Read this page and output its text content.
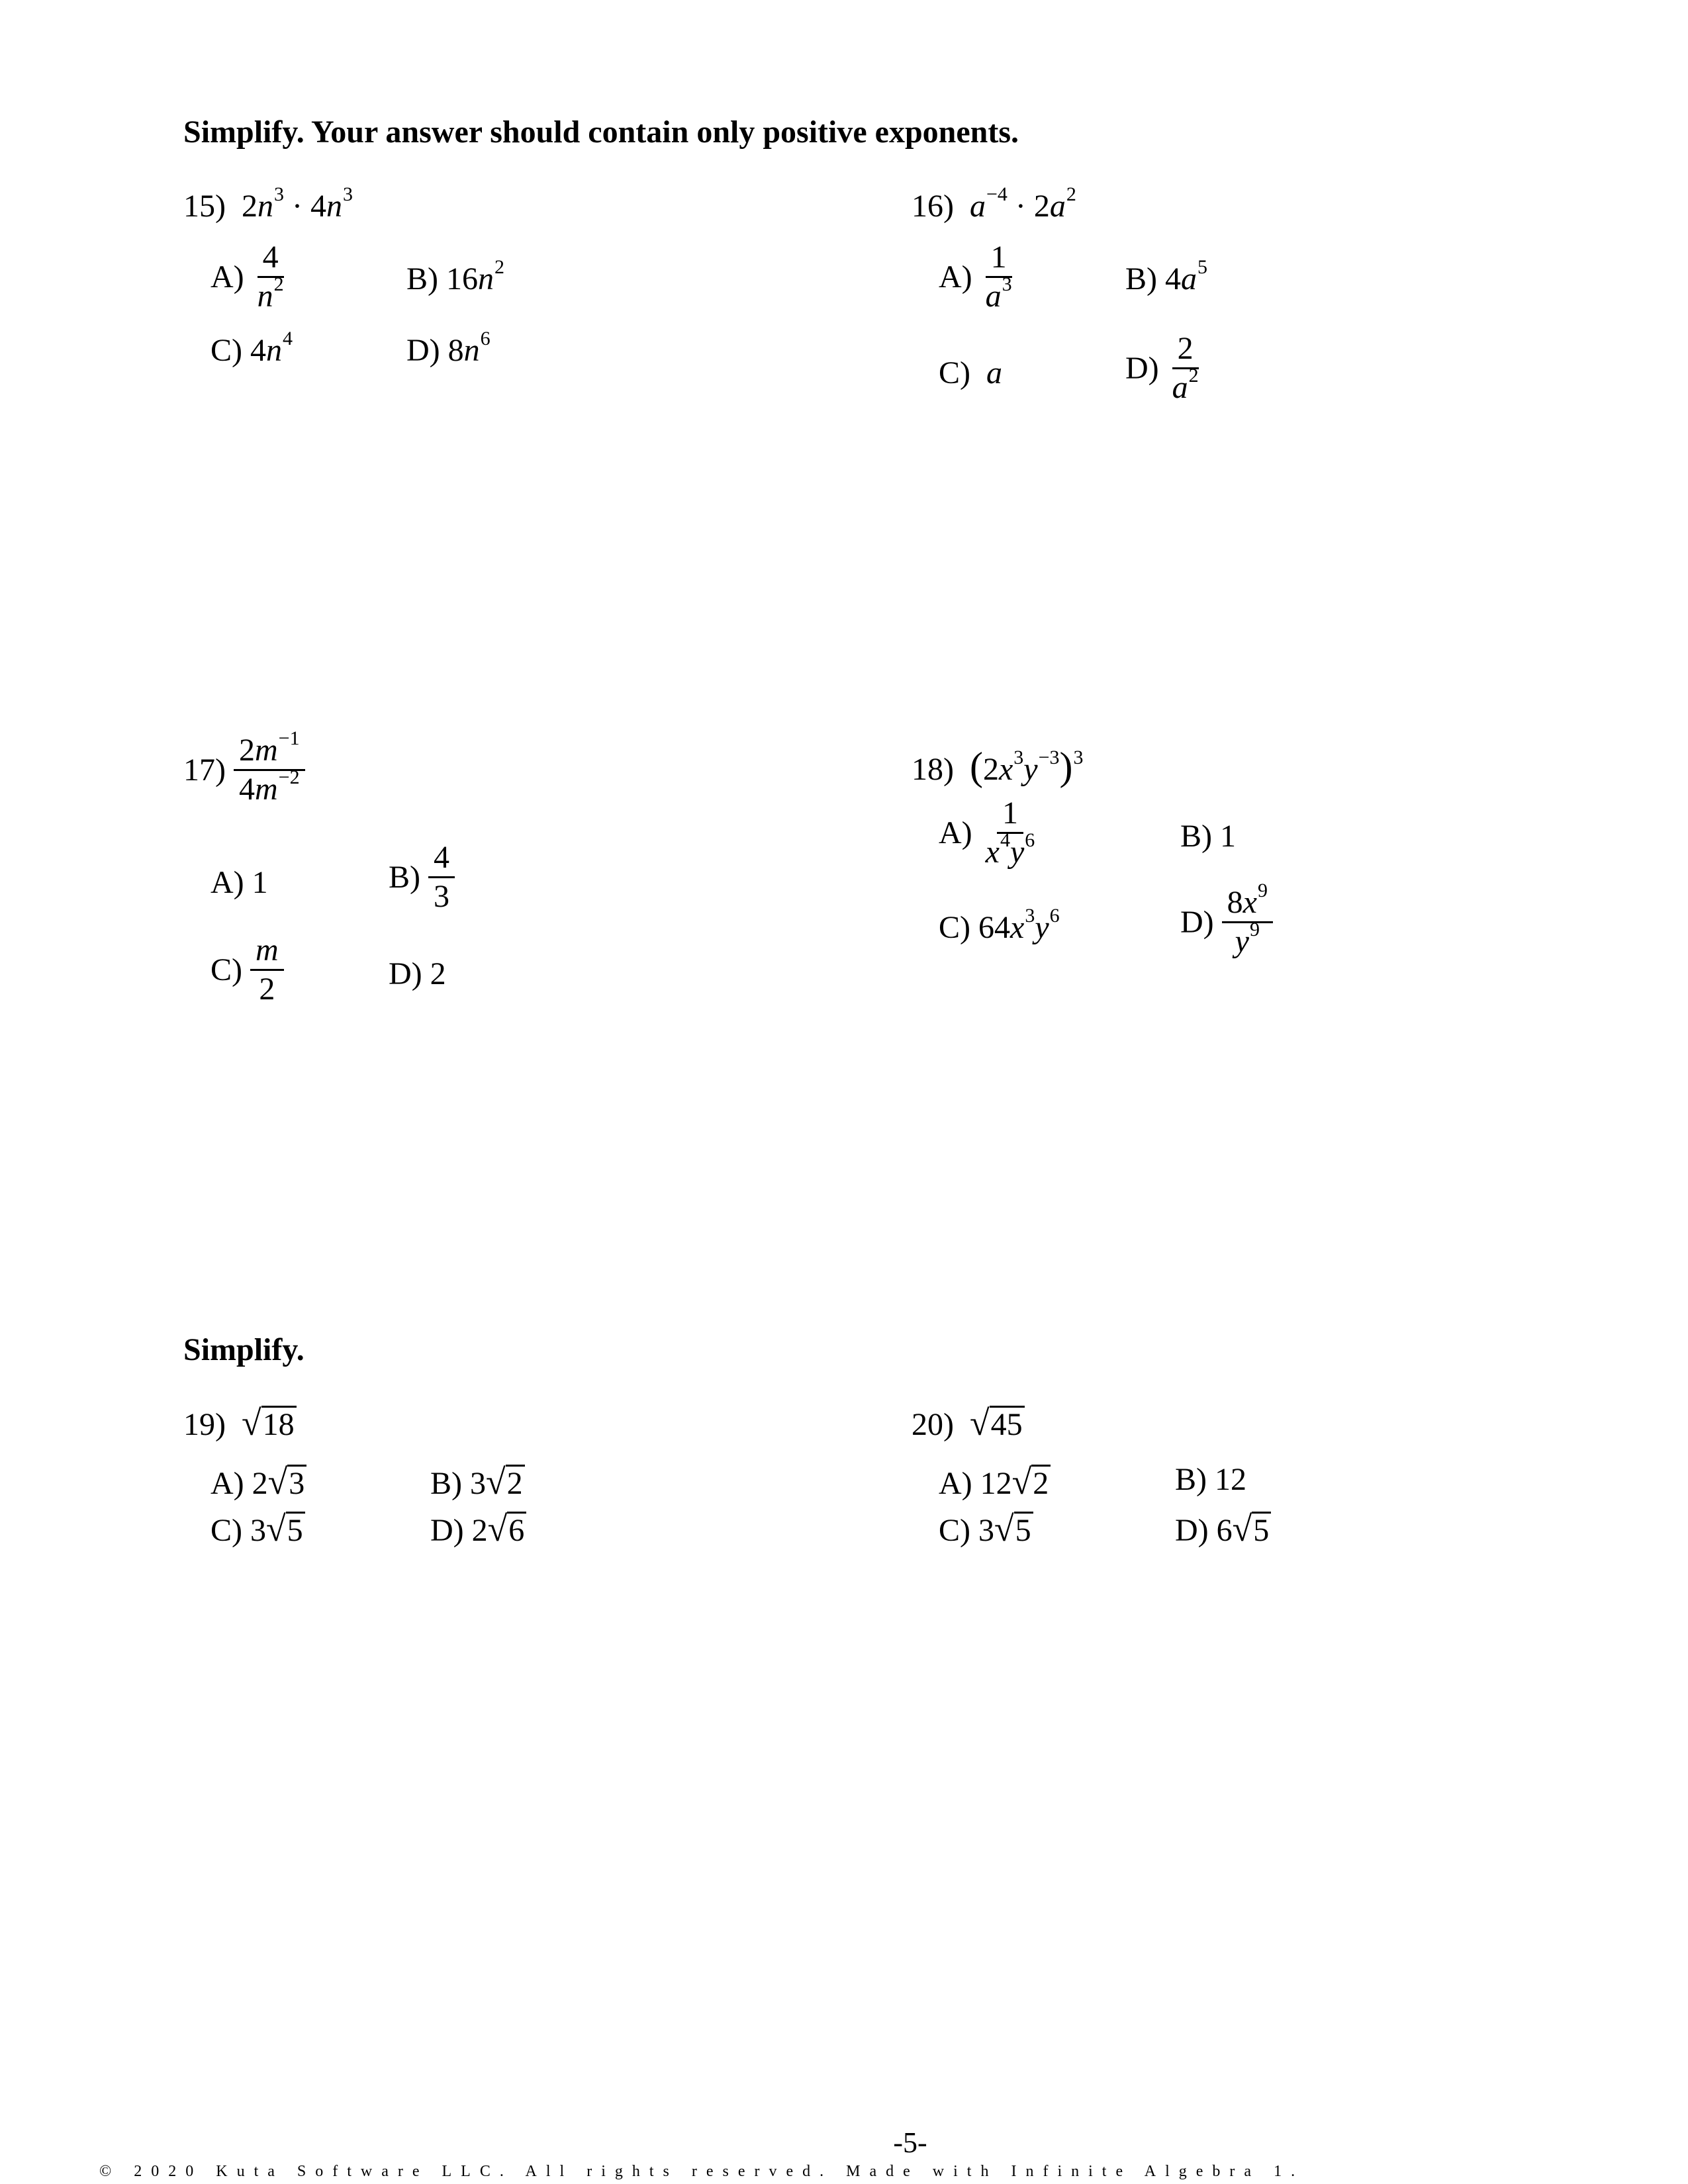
Simplify. Your answer should contain only positive exponents.
15) $2n^3 \cdot 4n^3$
$A) \frac{4}{n^2}$	B) $16n^2$
C) $4n^4$	D) $8n^6$
16) $a^{-4} \cdot 2a^2$
$A) \frac{1}{a^3}$	B) $4a^5$
C) a	$D) \frac{2}{a^2}$
$17) \frac{2m^{-1}}{4m^{-2}}$
A) 1	$B) \frac{4}{3}$
$C) \frac{m}{2}$	D) 2
18) $(2x^3y^{-3})^3$
$A) \frac{1}{x^4y^6}$	B) 1
C) $64x^3y^6$	$D) \frac{8x^9}{y^9}$
Simplify.
19) √18
A) 2√3	B) 3√2
C) 3√5	D) 2√6
20) √45
A) 12√2	B) 12
C) 3√5	D) 6√5
-5-
© 2020 Kuta Software LLC. All rights reserved. Made with Infinite Algebra 1.
